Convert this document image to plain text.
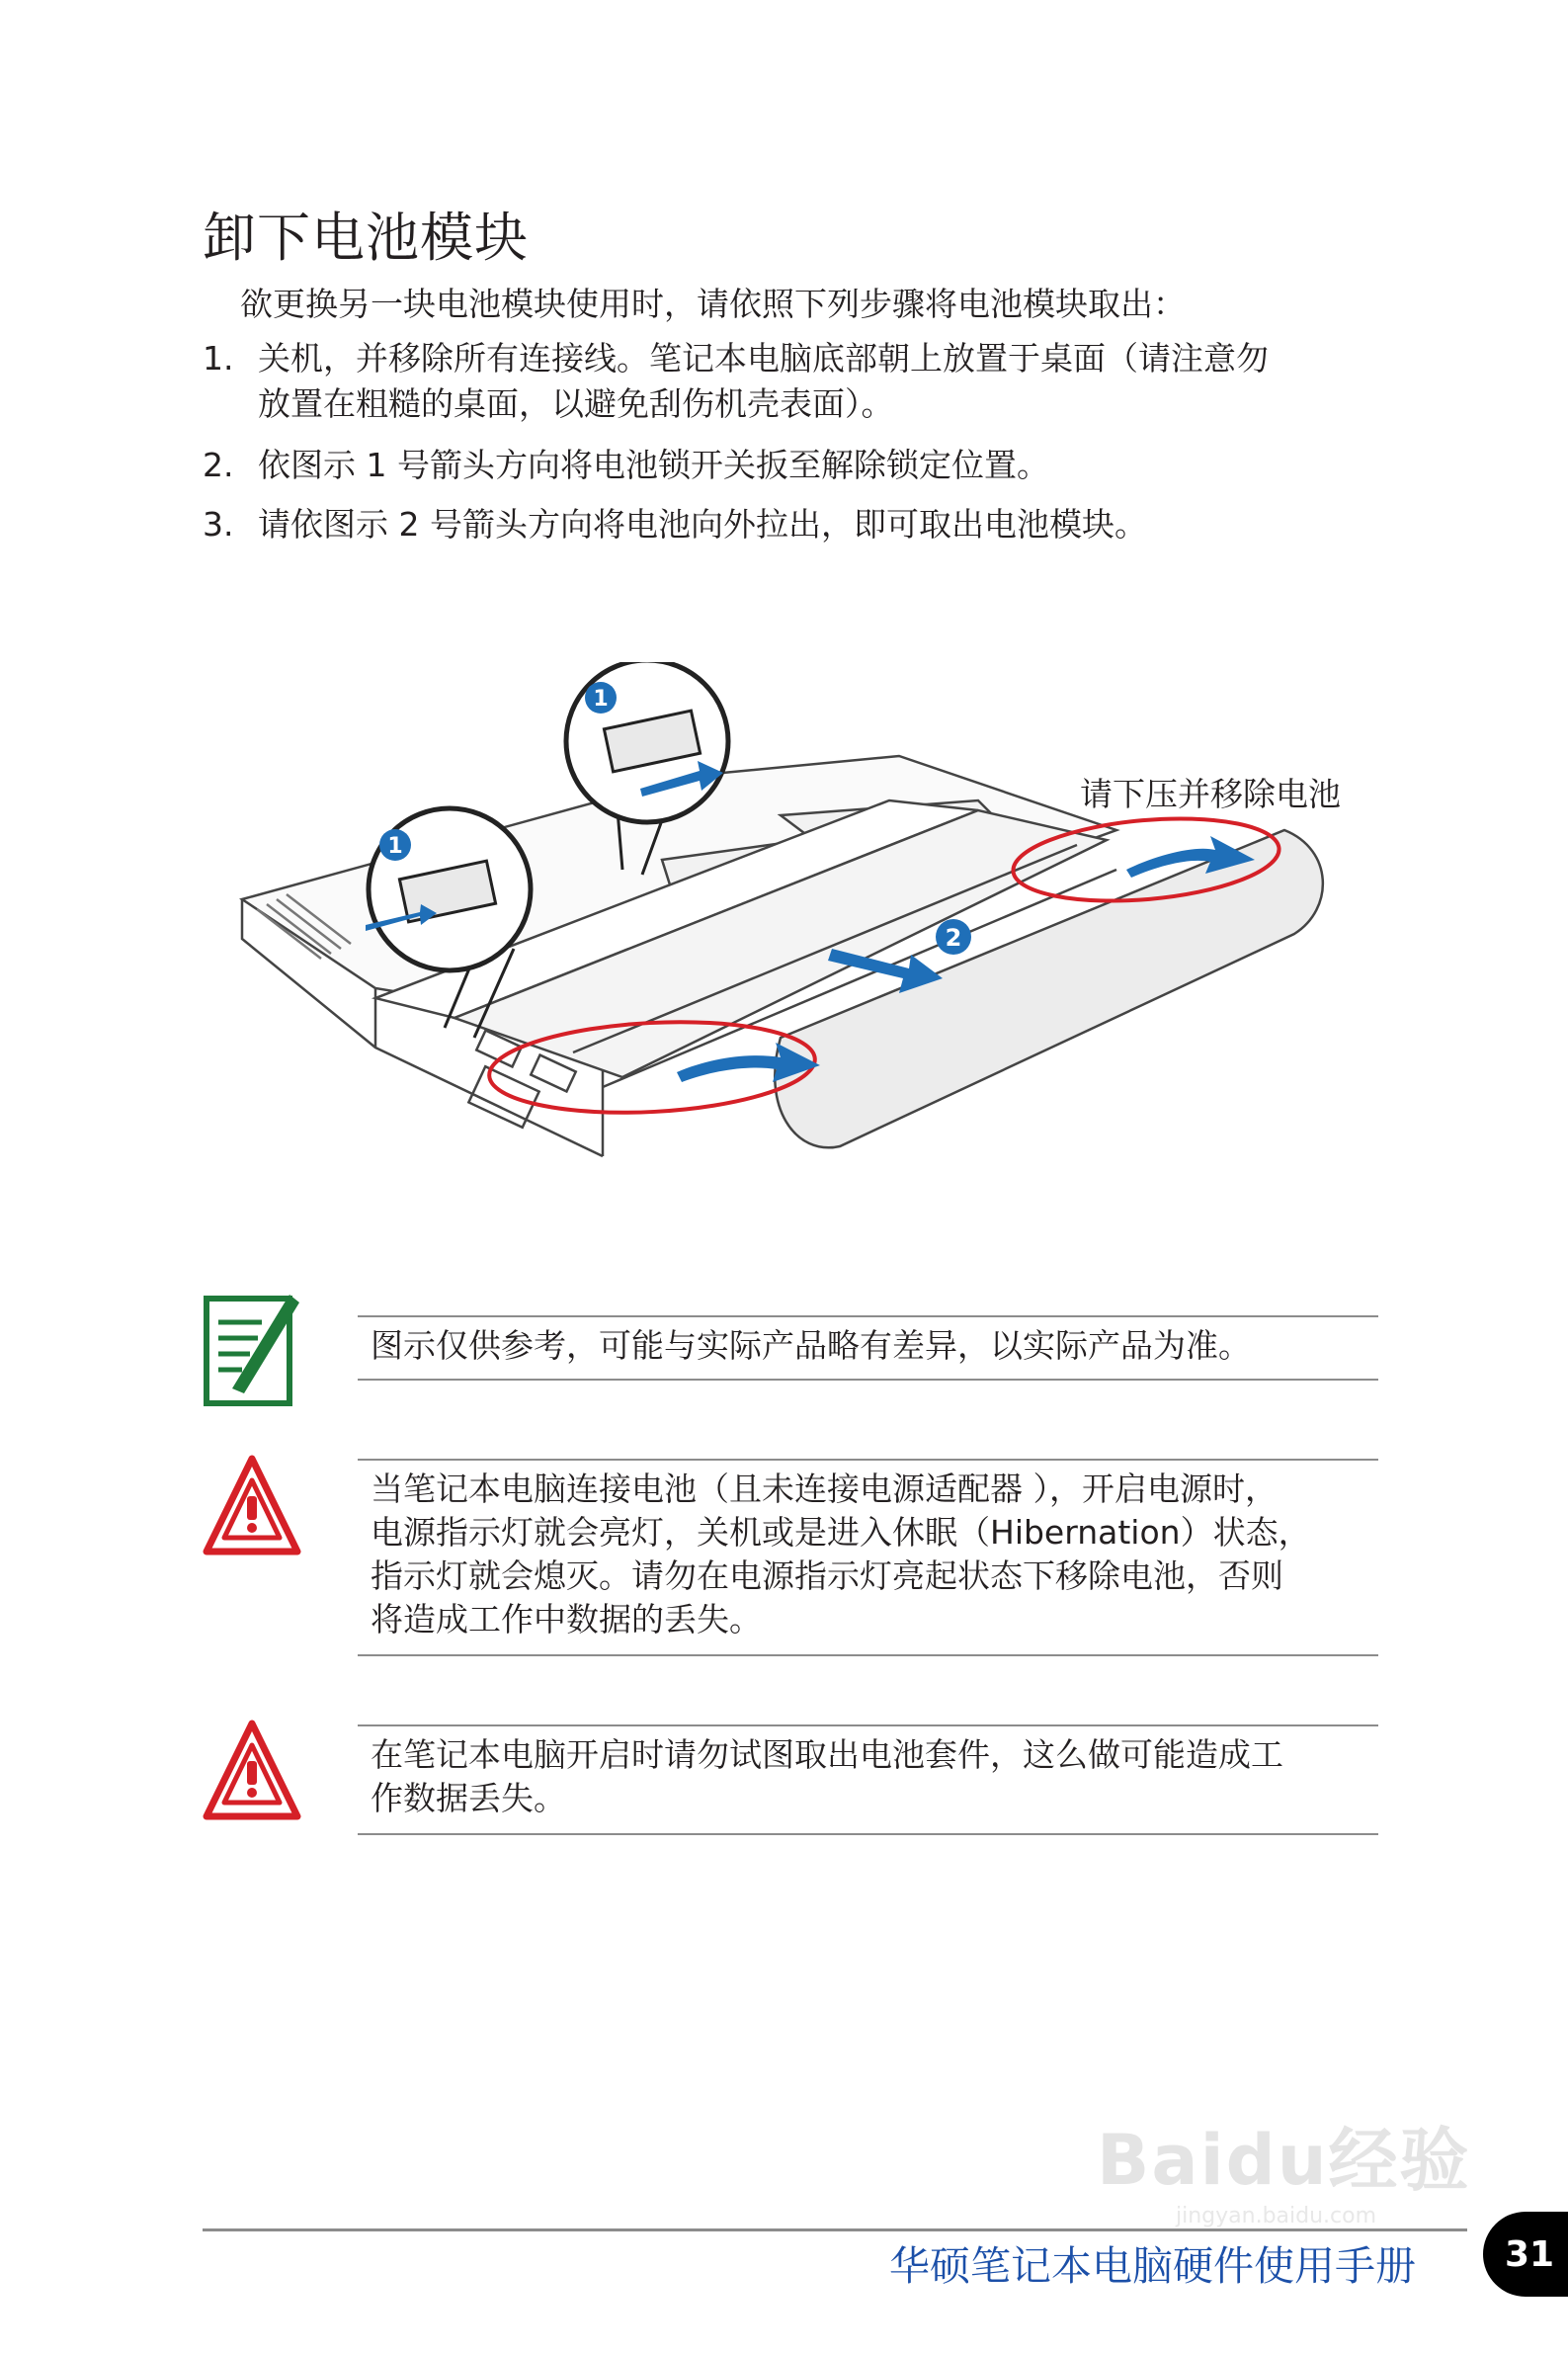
卸下电池模块
欲更换另一块电池模块使用时，请依照下列步骤将电池模块取出：
1. 关机，并移除所有连接线。笔记本电脑底部朝上放置于桌面（请注意勿
放置在粗糙的桌面，以避免刮伤机壳表面）。
2. 依图示 1 号箭头方向将电池锁开关扳至解除锁定位置。
3. 请依图示 2 号箭头方向将电池向外拉出，即可取出电池模块。
2
1
1
请下压并移除电池
图示仅供参考，可能与实际产品略有差异，以实际产品为准。
当笔记本电脑连接电池（且未连接电源适配器 ），开启电源时，
电源指示灯就会亮灯，关机或是进入休眠（Hibernation）状态，
指示灯就会熄灭。请勿在电源指示灯亮起状态下移除电池，否则
将造成工作中数据的丢失。
在笔记本电脑开启时请勿试图取出电池套件，这么做可能造成工
作数据丢失。
Baidu经验
jingyan.baidu.com
华硕笔记本电脑硬件使用手册 31
